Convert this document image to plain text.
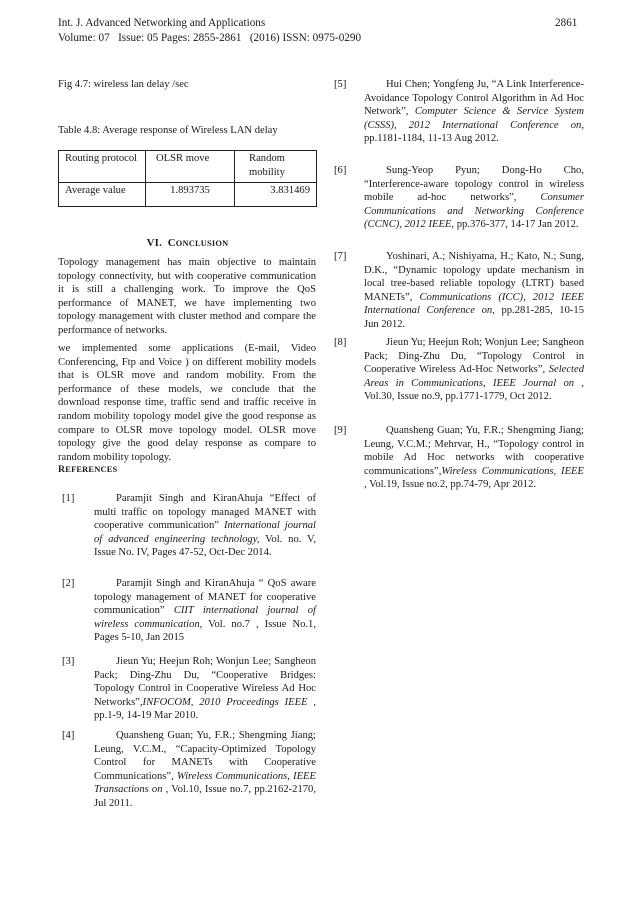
Int. J. Advanced Networking and Applications	2861
Volume: 07   Issue: 05 Pages: 2855-2861   (2016) ISSN: 0975-0290
Fig 4.7: wireless lan delay /sec
Table 4.8: Average response of Wireless LAN delay
Routing protocol	OLSR move	Random mobility
Average value	1.893735	3.831469
VI. CONCLUSION
Topology management has main objective to maintain topology connectivity, but with cooperative communication it is still a challenging work. To improve the QoS performance of MANET, we have implementing two topology management with cluster method and compare the performance of networks.
we implemented some applications (E-mail, Video Conferencing, Ftp and Voice ) on different mobility models that is OLSR move and random mobility. From the performance of these models, we conclude that the download response time, traffic send and traffic receive in random mobility topology model give the good response as compare to OLSR move topology model. OLSR move topology give the good delay response as compare to random mobility topology.
REFERENCES
[1]	Paramjit Singh and KiranAhuja “Effect of multi traffic on topology managed MANET with cooperative communication” International journal of advanced engineering technology, Vol. no. V, Issue No. IV, Pages 47-52, Oct-Dec 2014.
[2]	Paramjit Singh and KiranAhuja “ QoS aware topology management of MANET for cooperative communication” CIIT international journal of wireless communication, Vol. no.7 , Issue No.1, Pages 5-10, Jan 2015
[3]	Jieun Yu; Heejun Roh; Wonjun Lee; Sangheon Pack; Ding-Zhu Du, “Cooperative Bridges: Topology Control in Cooperative Wireless Ad Hoc Networks”,INFOCOM, 2010 Proceedings IEEE , pp.1-9, 14-19 Mar 2010.
[4]	Quansheng Guan; Yu, F.R.; Shengming Jiang; Leung, V.C.M., “Capacity-Optimized Topology Control for MANETs with Cooperative Communications”, Wireless Communications, IEEE Transactions on , Vol.10, Issue no.7, pp.2162-2170, Jul 2011.
[5]	Hui Chen; Yongfeng Ju, “A Link Interference-Avoidance Topology Control Algorithm in Ad Hoc Network”, Computer Science & Service System (CSSS), 2012 International Conference on, pp.1181-1184, 11-13 Aug 2012.
[6]	Sung-Yeop Pyun; Dong-Ho Cho, “Interference-aware topology control in wireless mobile ad-hoc networks”, Consumer Communications and Networking Conference (CCNC), 2012 IEEE, pp.376-377, 14-17 Jan 2012.
[7]	Yoshinari, A.; Nishiyama, H.; Kato, N.; Sung, D.K., “Dynamic topology update mechanism in local tree-based reliable topology (LTRT) based MANETs”, Communications (ICC), 2012 IEEE International Conference on, pp.281-285, 10-15 Jun 2012.
[8]	Jieun Yu; Heejun Roh; Wonjun Lee; Sangheon Pack; Ding-Zhu Du, “Topology Control in Cooperative Wireless Ad-Hoc Networks”, Selected Areas in Communications, IEEE Journal on , Vol.30, Issue no.9, pp.1771-1779, Oct 2012.
[9]	Quansheng Guan; Yu, F.R.; Shengming Jiang; Leung, V.C.M.; Mehrvar, H., “Topology control in mobile Ad Hoc networks with cooperative communications”,Wireless Communications, IEEE , Vol.19, Issue no.2, pp.74-79, Apr 2012.
